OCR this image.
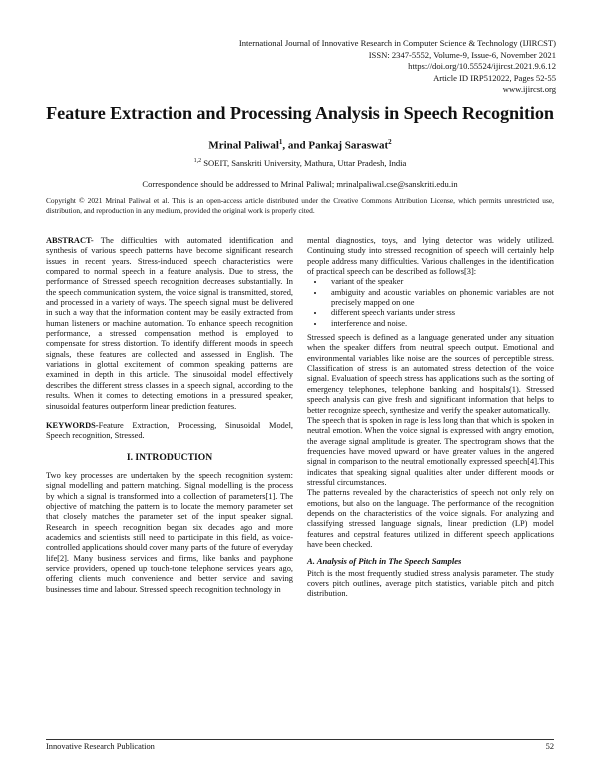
International Journal of Innovative Research in Computer Science & Technology (IJIRCST)
ISSN: 2347-5552, Volume-9, Issue-6, November 2021
https://doi.org/10.55524/ijircst.2021.9.6.12
Article ID IRP512022, Pages 52-55
www.ijircst.org
Feature Extraction and Processing Analysis in Speech Recognition
Mrinal Paliwal$^1$, and Pankaj Saraswat$^2$
$^{1,2}$ SOEIT, Sanskriti University, Mathura, Uttar Pradesh, India
Correspondence should be addressed to Mrinal Paliwal; mrinalpaliwal.cse@sanskriti.edu.in
Copyright © 2021 Mrinal Paliwal et al. This is an open-access article distributed under the Creative Commons Attribution License, which permits unrestricted use, distribution, and reproduction in any medium, provided the original work is properly cited.

ABSTRACT- The difficulties with automated identification and synthesis of various speech patterns have become significant research issues in recent years. Stress-induced speech characteristics were compared to normal speech in a feature analysis. Due to stress, the performance of Stressed speech recognition decreases substantially. In the speech communication system, the voice signal is transmitted, stored, and processed in a variety of ways. The speech signal must be delivered in such a way that the information content may be easily extracted from human listeners or machine automation. To enhance speech recognition performance, a stressed compensation method is employed to compensate for stress distortion. To identify different moods in speech signals, these features are collected and assessed in English. The variations in glottal excitement of common speaking patterns are examined in depth in this article. The sinusoidal model effectively describes the different stress classes in a speech signal, according to the results. When it comes to detecting emotions in a pressured speaker, sinusoidal features outperform linear prediction features.

KEYWORDS-Feature Extraction, Processing, Sinusoidal Model, Speech recognition, Stressed.

I. INTRODUCTION

Two key processes are undertaken by the speech recognition system: signal modelling and pattern matching. Signal modelling is the process by which a signal is transformed into a collection of parameters[1]. The objective of matching the pattern is to locate the memory parameter set that closely matches the parameter set of the input speaker signal. Research in speech recognition began six decades ago and more academics and scientists still need to participate in this field, as voice-controlled applications should cover many parts of the future of everyday life[2]. Many business services and firms, like banks and payphone service providers, opened up touch-tone telephone services years ago, offering clients much convenience and better service and saving businesses time and labour. Stressed speech recognition technology in

mental diagnostics, toys, and lying detector was widely utilized. Continuing study into stressed recognition of speech will certainly help people address many difficulties. Various challenges in the identification of practical speech can be described as follows[3]:

• variant of the speaker
• ambiguity and acoustic variables on phonemic variables are not precisely mapped on one
• different speech variants under stress
• interference and noise.

Stressed speech is defined as a language generated under any situation when the speaker differs from neutral speech output. Emotional and environmental variables like noise are the sources of perceptible stress. Classification of stress is an automated stress detection of the voice signal. Evaluation of speech stress has applications such as the sorting of emergency telephones, telephone banking and hospitals(1). Stressed speech analysis can give fresh and significant information that helps to better recognize speech, synthesize and verify the speaker automatically.

The speech that is spoken in rage is less long than that which is spoken in neutral emotion. When the voice signal is expressed with angry emotion, the average signal amplitude is greater. The spectrogram shows that the frequencies have moved upward or have greater values in the angered signal in comparison to the neutral emotionally expressed speech[4].This indicates that speaking signal qualities alter under different moods or stressful circumstances.

The patterns revealed by the characteristics of speech not only rely on emotions, but also on the language. The performance of the recognition depends on the characteristics of the voice signals. For analyzing and classifying stressed language signals, linear prediction (LP) model features and cepstral features utilized in different speech applications have been checked.

A. Analysis of Pitch in The Speech Samples

Pitch is the most frequently studied stress analysis parameter. The study covers pitch outlines, average pitch statistics, variable pitch and pitch distribution.

Innovative Research Publication	52
